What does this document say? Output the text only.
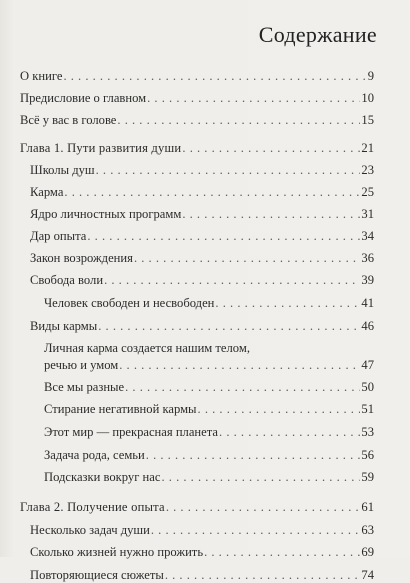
Содержание
О книге . . .	9
Предисловие о главном . . .	10
Всё у вас в голове . . .	15
Глава 1. Пути развития души . . .	21
Школы душ . . .	23
Карма . . .	25
Ядро личностных программ . . .	31
Дар опыта . . .	34
Закон возрождения . . .	36
Свобода воли . . .	39
Человек свободен и несвободен . . .	41
Виды кармы . . .	46
Личная карма создается нашим телом,
речью и умом . . .	47
Все мы разные . . .	50
Стирание негативной кармы . . .	51
Этот мир — прекрасная планета . . .	53
Задача рода, семьи . . .	56
Подсказки вокруг нас . . .	59
Глава 2. Получение опыта . . .	61
Несколько задач души . . .	63
Сколько жизней нужно прожить . . .	69
Повторяющиеся сюжеты . . .	74
